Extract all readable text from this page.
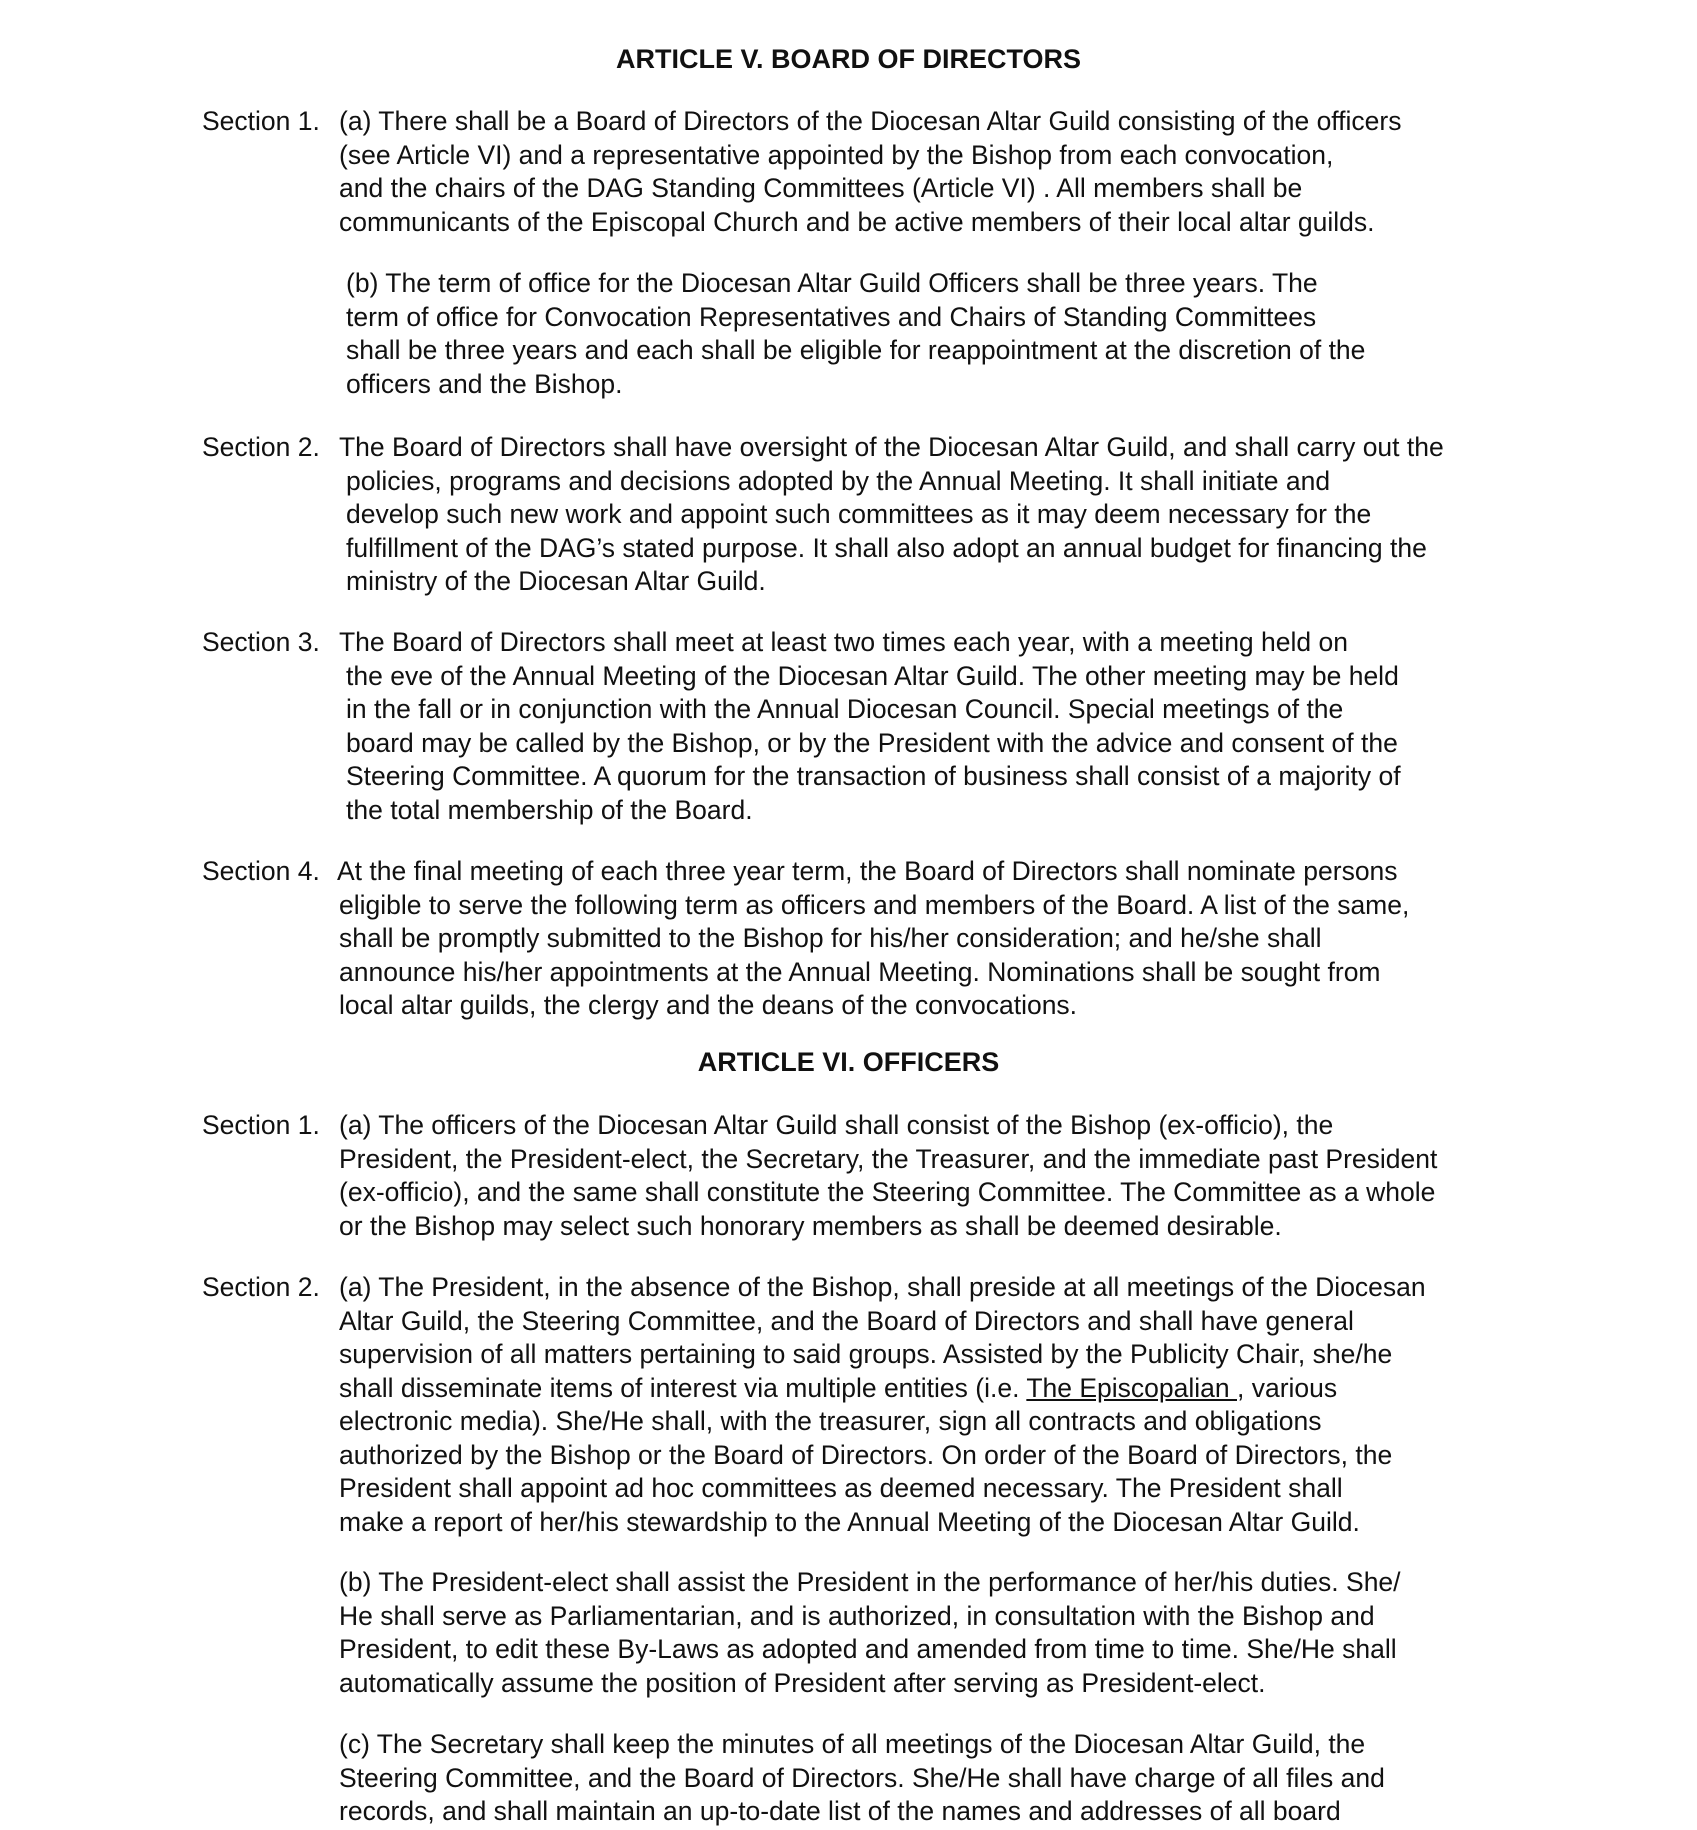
ARTICLE V. BOARD OF DIRECTORS
Section 1. (a) There shall be a Board of Directors of the Diocesan Altar Guild consisting of the officers
(see Article VI) and a representative appointed by the Bishop from each convocation,
and the chairs of the DAG Standing Committees (Article VI) . All members shall be
communicants of the Episcopal Church and be active members of their local altar guilds.
(b) The term of office for the Diocesan Altar Guild Officers shall be three years. The
term of office for Convocation Representatives and Chairs of Standing Committees
shall be three years and each shall be eligible for reappointment at the discretion of the
officers and the Bishop.
Section 2. The Board of Directors shall have oversight of the Diocesan Altar Guild, and shall carry out the
policies, programs and decisions adopted by the Annual Meeting. It shall initiate and
develop such new work and appoint such committees as it may deem necessary for the
fulfillment of the DAG’s stated purpose. It shall also adopt an annual budget for financing the
ministry of the Diocesan Altar Guild.
Section 3. The Board of Directors shall meet at least two times each year, with a meeting held on
the eve of the Annual Meeting of the Diocesan Altar Guild. The other meeting may be held
in the fall or in conjunction with the Annual Diocesan Council. Special meetings of the
board may be called by the Bishop, or by the President with the advice and consent of the
Steering Committee. A quorum for the transaction of business shall consist of a majority of
the total membership of the Board.
Section 4. At the final meeting of each three year term, the Board of Directors shall nominate persons
eligible to serve the following term as officers and members of the Board. A list of the same,
shall be promptly submitted to the Bishop for his/her consideration; and he/she shall
announce his/her appointments at the Annual Meeting. Nominations shall be sought from
local altar guilds, the clergy and the deans of the convocations.
ARTICLE VI. OFFICERS
Section 1. (a) The officers of the Diocesan Altar Guild shall consist of the Bishop (ex-officio), the
President, the President-elect, the Secretary, the Treasurer, and the immediate past President
(ex-officio), and the same shall constitute the Steering Committee. The Committee as a whole
or the Bishop may select such honorary members as shall be deemed desirable.
Section 2. (a) The President, in the absence of the Bishop, shall preside at all meetings of the Diocesan
Altar Guild, the Steering Committee, and the Board of Directors and shall have general
supervision of all matters pertaining to said groups. Assisted by the Publicity Chair, she/he
shall disseminate items of interest via multiple entities (i.e. The Episcopalian , various
electronic media). She/He shall, with the treasurer, sign all contracts and obligations
authorized by the Bishop or the Board of Directors. On order of the Board of Directors, the
President shall appoint ad hoc committees as deemed necessary. The President shall
make a report of her/his stewardship to the Annual Meeting of the Diocesan Altar Guild.
(b) The President-elect shall assist the President in the performance of her/his duties. She/
He shall serve as Parliamentarian, and is authorized, in consultation with the Bishop and
President, to edit these By-Laws as adopted and amended from time to time. She/He shall
automatically assume the position of President after serving as President-elect.
(c) The Secretary shall keep the minutes of all meetings of the Diocesan Altar Guild, the
Steering Committee, and the Board of Directors. She/He shall have charge of all files and
records, and shall maintain an up-to-date list of the names and addresses of all board
